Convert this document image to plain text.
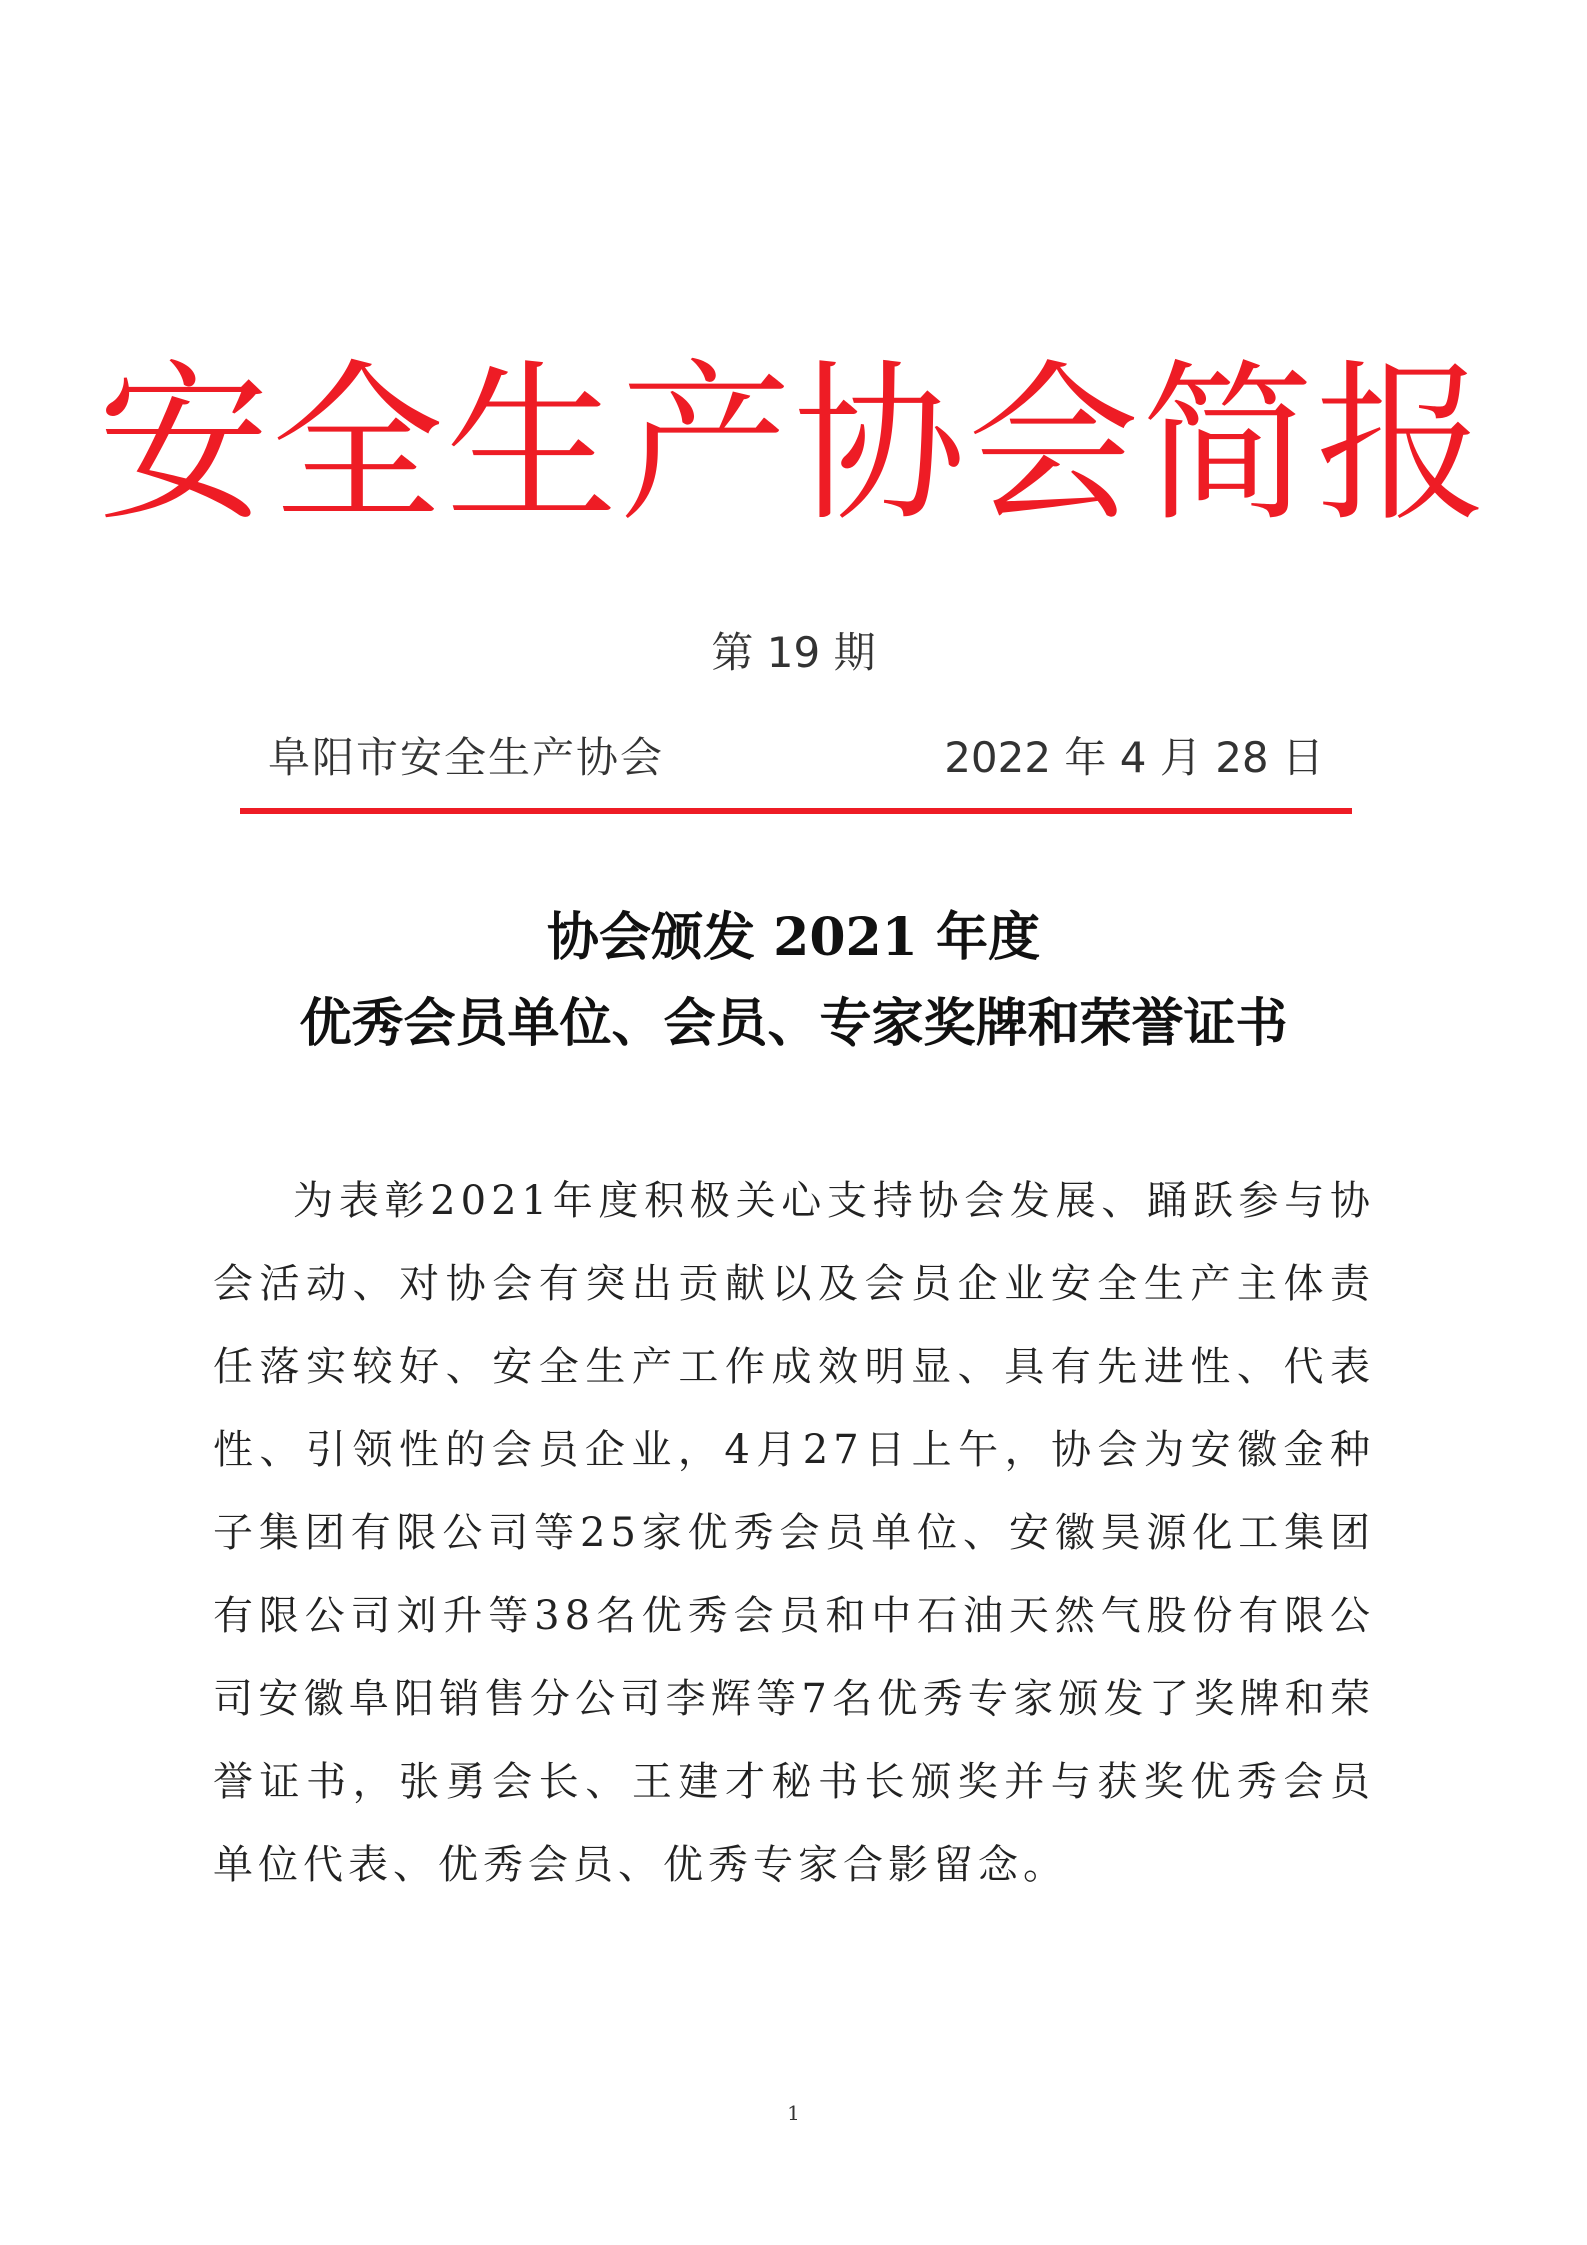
安全生产协会简报
第 19 期
阜阳市安全生产协会	2022 年 4 月 28 日
协会颁发 2021 年度
优秀会员单位、会员、专家奖牌和荣誉证书

为表彰2021年度积极关心支持协会发展、踊跃参与协会活动、对协会有突出贡献以及会员企业安全生产主体责任落实较好、安全生产工作成效明显、具有先进性、代表性、引领性的会员企业，4月27日上午，协会为安徽金种子集团有限公司等25家优秀会员单位、安徽昊源化工集团有限公司刘升等38名优秀会员和中石油天然气股份有限公司安徽阜阳销售分公司李辉等7名优秀专家颁发了奖牌和荣誉证书，张勇会长、王建才秘书长颁奖并与获奖优秀会员单位代表、优秀会员、优秀专家合影留念。

1
